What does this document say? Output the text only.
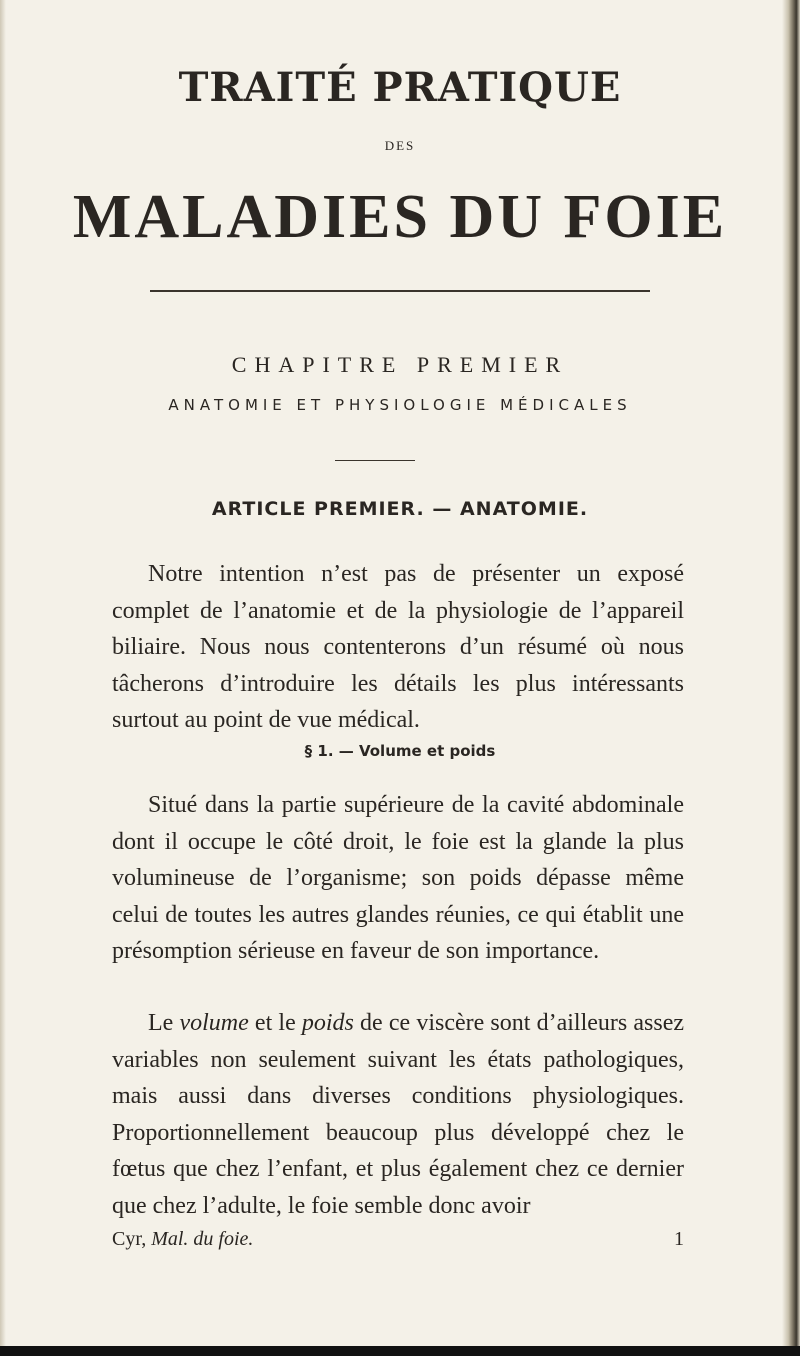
TRAITÉ PRATIQUE
DES
MALADIES DU FOIE
CHAPITRE PREMIER
ANATOMIE ET PHYSIOLOGIE MÉDICALES
ARTICLE PREMIER. — ANATOMIE.

Notre intention n’est pas de présenter un exposé complet de l’anatomie et de la physiologie de l’appareil biliaire. Nous nous contenterons d’un résumé où nous tâcherons d’introduire les détails les plus intéressants surtout au point de vue médical.

§ 1. — Volume et poids

Situé dans la partie supérieure de la cavité abdominale dont il occupe le côté droit, le foie est la glande la plus volumineuse de l’organisme; son poids dépasse même celui de toutes les autres glandes réunies, ce qui établit une présomption sérieuse en faveur de son importance.

Le volume et le poids de ce viscère sont d’ailleurs assez variables non seulement suivant les états pathologiques, mais aussi dans diverses conditions physiologiques. Proportionnellement beaucoup plus développé chez le fœtus que chez l’enfant, et plus également chez ce dernier que chez l’adulte, le foie semble donc avoir

Cyr, Mal. du foie.	1
